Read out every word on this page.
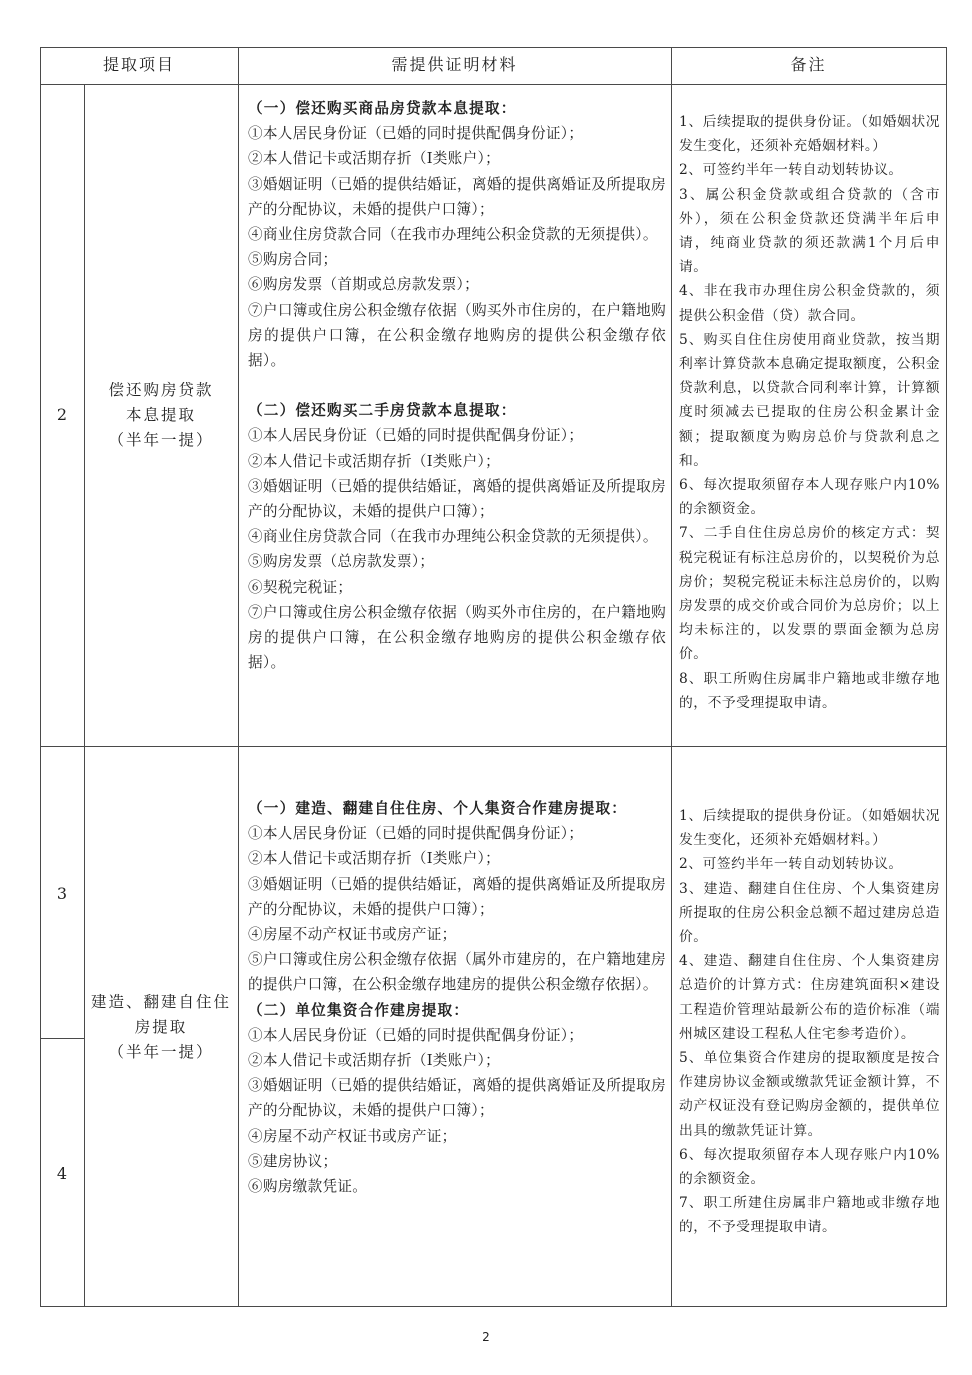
提取项目	需提供证明材料	备注
2
偿还购房贷款
本息提取
（半年一提）
（一）偿还购买商品房贷款本息提取：
①本人居民身份证（已婚的同时提供配偶身份证）；
②本人借记卡或活期存折（I类账户）；
③婚姻证明（已婚的提供结婚证，离婚的提供离婚证及所提取房产的分配协议，未婚的提供户口簿）；
④商业住房贷款合同（在我市办理纯公积金贷款的无须提供）。
⑤购房合同；
⑥购房发票（首期或总房款发票）；
⑦户口簿或住房公积金缴存依据（购买外市住房的，在户籍地购房的提供户口簿，在公积金缴存地购房的提供公积金缴存依据）。
（二）偿还购买二手房贷款本息提取：
①本人居民身份证（已婚的同时提供配偶身份证）；
②本人借记卡或活期存折（I类账户）；
③婚姻证明（已婚的提供结婚证，离婚的提供离婚证及所提取房产的分配协议，未婚的提供户口簿）；
④商业住房贷款合同（在我市办理纯公积金贷款的无须提供）。
⑤购房发票（总房款发票）；
⑥契税完税证；
⑦户口簿或住房公积金缴存依据（购买外市住房的，在户籍地购房的提供户口簿，在公积金缴存地购房的提供公积金缴存依据）。
1、后续提取的提供身份证。（如婚姻状况发生变化，还须补充婚姻材料。）
2、可签约半年一转自动划转协议。
3、属公积金贷款或组合贷款的（含市外），须在公积金贷款还贷满半年后申请，纯商业贷款的须还款满1个月后申请。
4、非在我市办理住房公积金贷款的，须提供公积金借（贷）款合同。
5、购买自住住房使用商业贷款，按当期利率计算贷款本息确定提取额度，公积金贷款利息，以贷款合同利率计算，计算额度时须减去已提取的住房公积金累计金额；提取额度为购房总价与贷款利息之和。
6、每次提取须留存本人现存账户内10%的余额资金。
7、二手自住住房总房价的核定方式：契税完税证有标注总房价的，以契税价为总房价；契税完税证未标注总房价的，以购房发票的成交价或合同价为总房价；以上均未标注的，以发票的票面金额为总房价。
8、职工所购住房属非户籍地或非缴存地的，不予受理提取申请。
3
4
建造、翻建自住住
房提取
（半年一提）
（一）建造、翻建自住住房、个人集资合作建房提取：
①本人居民身份证（已婚的同时提供配偶身份证）；
②本人借记卡或活期存折（I类账户）；
③婚姻证明（已婚的提供结婚证，离婚的提供离婚证及所提取房产的分配协议，未婚的提供户口簿）；
④房屋不动产权证书或房产证；
⑤户口簿或住房公积金缴存依据（属外市建房的，在户籍地建房的提供户口簿，在公积金缴存地建房的提供公积金缴存依据）。
（二）单位集资合作建房提取：
①本人居民身份证（已婚的同时提供配偶身份证）；
②本人借记卡或活期存折（I类账户）；
③婚姻证明（已婚的提供结婚证，离婚的提供离婚证及所提取房产的分配协议，未婚的提供户口簿）；
④房屋不动产权证书或房产证；
⑤建房协议；
⑥购房缴款凭证。
1、后续提取的提供身份证。（如婚姻状况发生变化，还须补充婚姻材料。）
2、可签约半年一转自动划转协议。
3、建造、翻建自住住房、个人集资建房所提取的住房公积金总额不超过建房总造价。
4、建造、翻建自住住房、个人集资建房总造价的计算方式：住房建筑面积×建设工程造价管理站最新公布的造价标准（端州城区建设工程私人住宅参考造价）。
5、单位集资合作建房的提取额度是按合作建房协议金额或缴款凭证金额计算，不动产权证没有登记购房金额的，提供单位出具的缴款凭证计算。
6、每次提取须留存本人现存账户内10%的余额资金。
7、职工所建住房属非户籍地或非缴存地的，不予受理提取申请。
2
